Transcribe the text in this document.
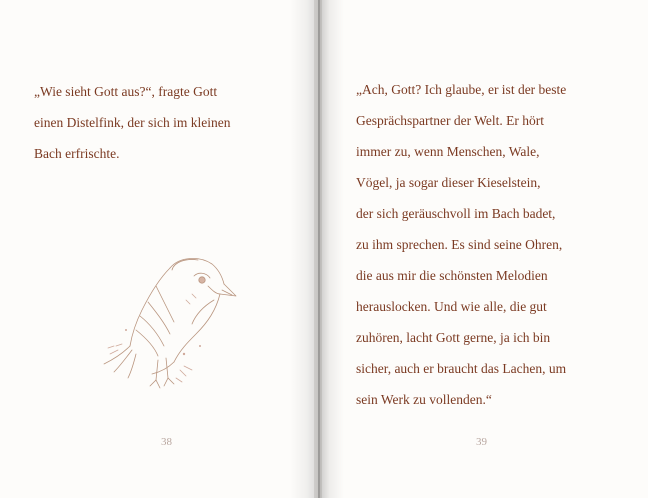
„Wie sieht Gott aus?“, fragte Gott
einen Distelfink, der sich im kleinen
Bach erfrischte.
38
„Ach, Gott? Ich glaube, er ist der beste
Gesprächspartner der Welt. Er hört
immer zu, wenn Menschen, Wale,
Vögel, ja sogar dieser Kieselstein,
der sich geräuschvoll im Bach badet,
zu ihm sprechen. Es sind seine Ohren,
die aus mir die schönsten Melodien
herauslocken. Und wie alle, die gut
zuhören, lacht Gott gerne, ja ich bin
sicher, auch er braucht das Lachen, um
sein Werk zu vollenden.“
39
